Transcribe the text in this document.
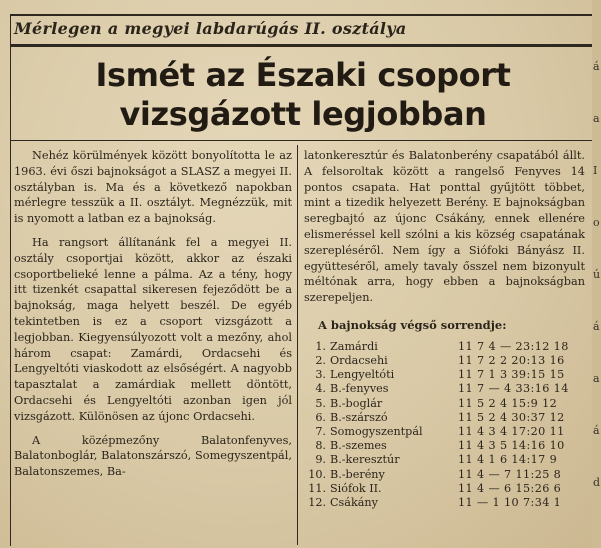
Mérlegen a megyei labdarúgás II. osztálya
Ismét az Északi csoport
vizsgázott legjobban

Nehéz körülmények között bonyolította le az 1963. évi őszi bajnokságot a SLASZ a megyei II. osztályban is. Ma és a következő napokban mérlegre tesszük a II. osztályt. Megnézzük, mit is nyomott a latban ez a bajnokság.

Ha rangsort állítanánk fel a megyei II. osztály csoportjai között, akkor az északi csoportbelieké lenne a pálma. Az a tény, hogy itt tizenkét csapattal sikeresen fejeződött be a bajnokság, maga helyett beszél. De egyéb tekintetben is ez a csoport vizsgázott a legjobban. Kiegyensúlyozott volt a mezőny, ahol három csapat: Zamárdi, Ordacsehi és Lengyeltóti viaskodott az elsőségért. A nagyobb tapasztalat a zamárdiak mellett döntött, Ordacsehi és Lengyeltóti azonban igen jól vizsgázott. Különösen az újonc Ordacsehi.

A középmezőny Balatonfenyves, Balatonboglár, Balatonszárszó, Somegyszentpál, Balatonszemes, Ba-

latonkeresztúr és Balatonberény csapatából állt. A felsoroltak között a rangelső Fenyves 14 pontos csapata. Hat ponttal gyűjtött többet, mint a tizedik helyezett Berény. E bajnokságban seregbajtó az újonc Csákány, ennek ellenére elismeréssel kell szólni a kis község csapatának szerepléséről. Nem így a Siófoki Bányász II. együtteséről, amely tavaly ősszel nem bizonyult méltónak arra, hogy ebben a bajnokságban szerepeljen.

A bajnokság végső sorrendje:
1. Zamárdi	11 7 4 — 23:12 18
2. Ordacsehi	11 7 2 2 20:13 16
3. Lengyeltóti	11 7 1 3 39:15 15
4. B.-fenyves	11 7 — 4 33:16 14
5. B.-boglár	11 5 2 4 15:9 12
6. B.-szárszó	11 5 2 4 30:37 12
7. Somogyszentpál	11 4 3 4 17:20 11
8. B.-szemes	11 4 3 5 14:16 10
9. B.-keresztúr	11 4 1 6 14:17 9
10. B.-berény	11 4 — 7 11:25 8
11. Siófok II.	11 4 — 6 15:26 6
12. Csákány	11 — 1 10 7:34 1
á
a
I
o
ú
á
a
á
d
